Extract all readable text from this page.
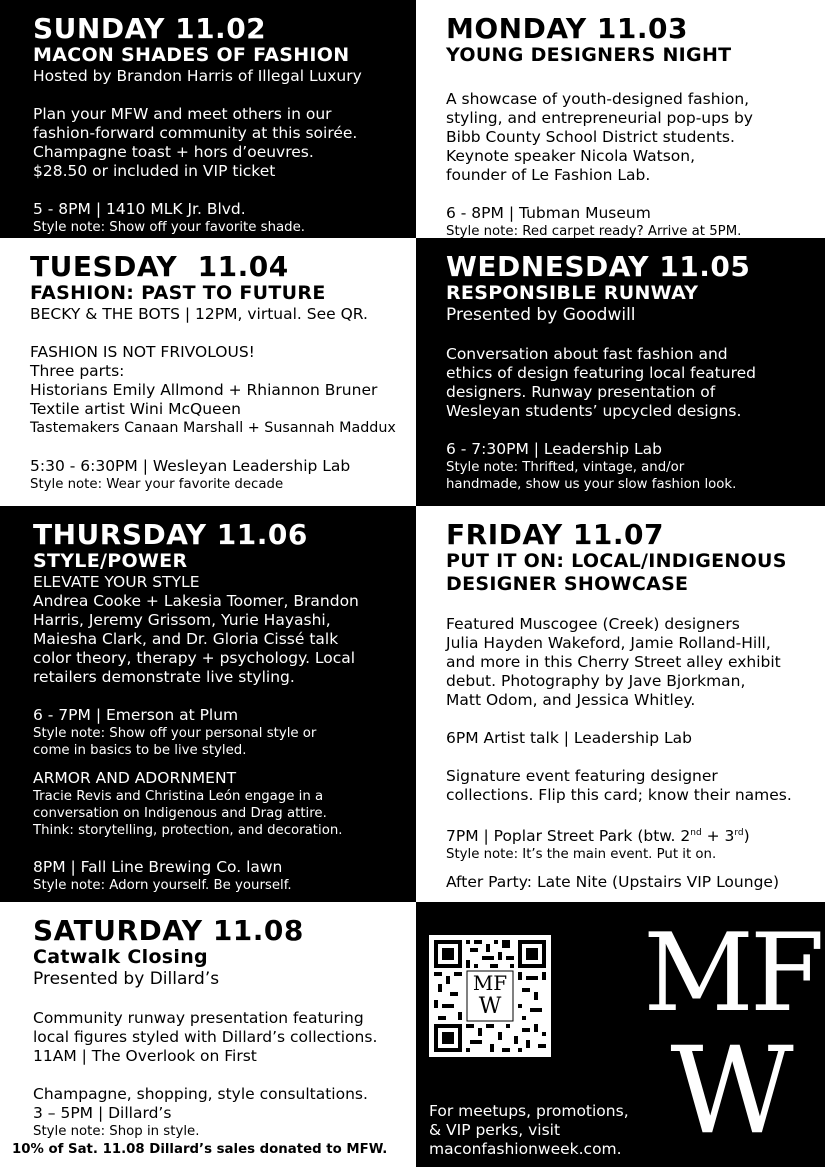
SUNDAY 11.02
MACON SHADES OF FASHION
Hosted by Brandon Harris of Illegal Luxury
Plan your MFW and meet others in our
fashion-forward community at this soirée.
Champagne toast + hors d’oeuvres.
$28.50 or included in VIP ticket
5 - 8PM | 1410 MLK Jr. Blvd.
Style note: Show off your favorite shade.
MONDAY 11.03
YOUNG DESIGNERS NIGHT
A showcase of youth-designed fashion,
styling, and entrepreneurial pop-ups by
Bibb County School District students.
Keynote speaker Nicola Watson,
founder of Le Fashion Lab.
6 - 8PM | Tubman Museum
Style note: Red carpet ready? Arrive at 5PM.
TUESDAY  11.04
FASHION: PAST TO FUTURE
BECKY & THE BOTS | 12PM, virtual. See QR.
FASHION IS NOT FRIVOLOUS!
Three parts:
Historians Emily Allmond + Rhiannon Bruner
Textile artist Wini McQueen
Tastemakers Canaan Marshall + Susannah Maddux
5:30 - 6:30PM | Wesleyan Leadership Lab
Style note: Wear your favorite decade
WEDNESDAY 11.05
RESPONSIBLE RUNWAY
Presented by Goodwill
Conversation about fast fashion and
ethics of design featuring local featured
designers. Runway presentation of
Wesleyan students’ upcycled designs.
6 - 7:30PM | Leadership Lab
Style note: Thrifted, vintage, and/or
handmade, show us your slow fashion look.
THURSDAY 11.06
STYLE/POWER
ELEVATE YOUR STYLE
Andrea Cooke + Lakesia Toomer, Brandon
Harris, Jeremy Grissom, Yurie Hayashi,
Maiesha Clark, and Dr. Gloria Cissé talk
color theory, therapy + psychology. Local
retailers demonstrate live styling.
6 - 7PM | Emerson at Plum
Style note: Show off your personal style or
come in basics to be live styled.
ARMOR AND ADORNMENT
Tracie Revis and Christina León engage in a
conversation on Indigenous and Drag attire.
Think: storytelling, protection, and decoration.
8PM | Fall Line Brewing Co. lawn
Style note: Adorn yourself. Be yourself.
FRIDAY 11.07
PUT IT ON: LOCAL/INDIGENOUS
DESIGNER SHOWCASE
Featured Muscogee (Creek) designers
Julia Hayden Wakeford, Jamie Rolland-Hill,
and more in this Cherry Street alley exhibit
debut. Photography by Jave Bjorkman,
Matt Odom, and Jessica Whitley.
6PM Artist talk | Leadership Lab
Signature event featuring designer
collections. Flip this card; know their names.
7PM | Poplar Street Park (btw. 2nd + 3rd)
Style note: It’s the main event. Put it on.
After Party: Late Nite (Upstairs VIP Lounge)
SATURDAY 11.08
Catwalk Closing
Presented by Dillard’s
Community runway presentation featuring
local figures styled with Dillard’s collections.
11AM | The Overlook on First
Champagne, shopping, style consultations.
3 – 5PM | Dillard’s
Style note: Shop in style.
10% of Sat. 11.08 Dillard’s sales donated to MFW.
MF
W MF
W
For meetups, promotions,
& VIP perks, visit
maconfashionweek.com.
